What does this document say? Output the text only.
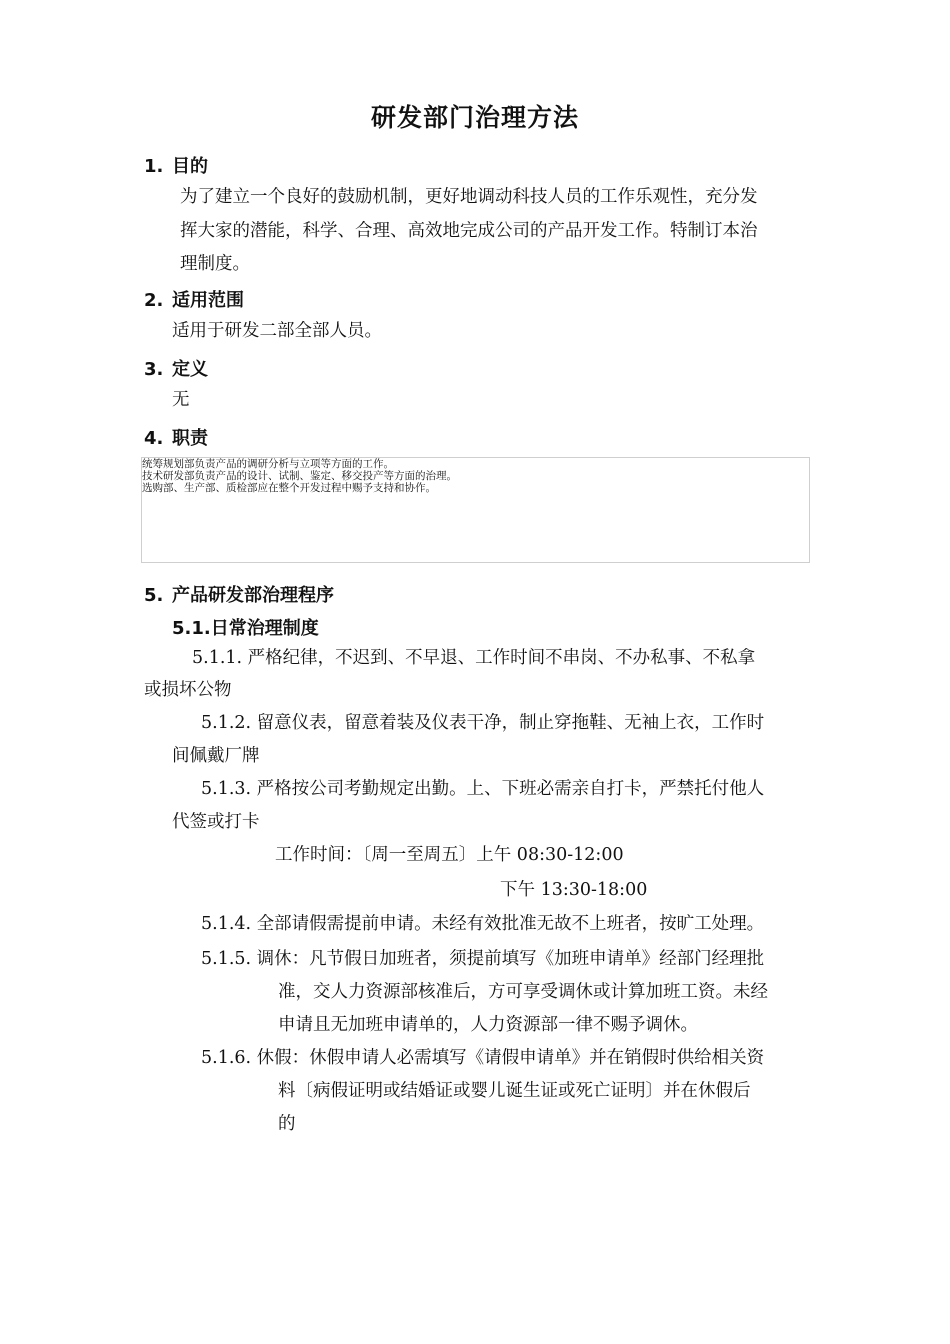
研发部门治理方法
1. 目的
为了建立一个良好的鼓励机制，更好地调动科技人员的工作乐观性，充分发
挥大家的潜能，科学、合理、高效地完成公司的产品开发工作。特制订本治
理制度。
2. 适用范围
适用于研发二部全部人员。
3. 定义
无
4. 职责
统筹规划部负责产品的调研分析与立项等方面的工作。
技术研发部负责产品的设计、试制、鉴定、移交投产等方面的治理。
选购部、生产部、质检部应在整个开发过程中赐予支持和协作。
5. 产品研发部治理程序
5.1.日常治理制度
5.1.1. 严格纪律，不迟到、不早退、工作时间不串岗、不办私事、不私拿
或损坏公物
5.1.2. 留意仪表，留意着装及仪表干净，制止穿拖鞋、无袖上衣，工作时
间佩戴厂牌
5.1.3. 严格按公司考勤规定出勤。上、下班必需亲自打卡，严禁托付他人
代签或打卡
工作时间：〔周一至周五〕上午 08:30-12:00
下午 13:30-18:00
5.1.4. 全部请假需提前申请。未经有效批准无故不上班者，按旷工处理。
5.1.5. 调休：凡节假日加班者，须提前填写《加班申请单》经部门经理批
准，交人力资源部核准后，方可享受调休或计算加班工资。未经
申请且无加班申请单的，人力资源部一律不赐予调休。
5.1.6. 休假：休假申请人必需填写《请假申请单》并在销假时供给相关资
料〔病假证明或结婚证或婴儿诞生证或死亡证明〕并在休假后
的
